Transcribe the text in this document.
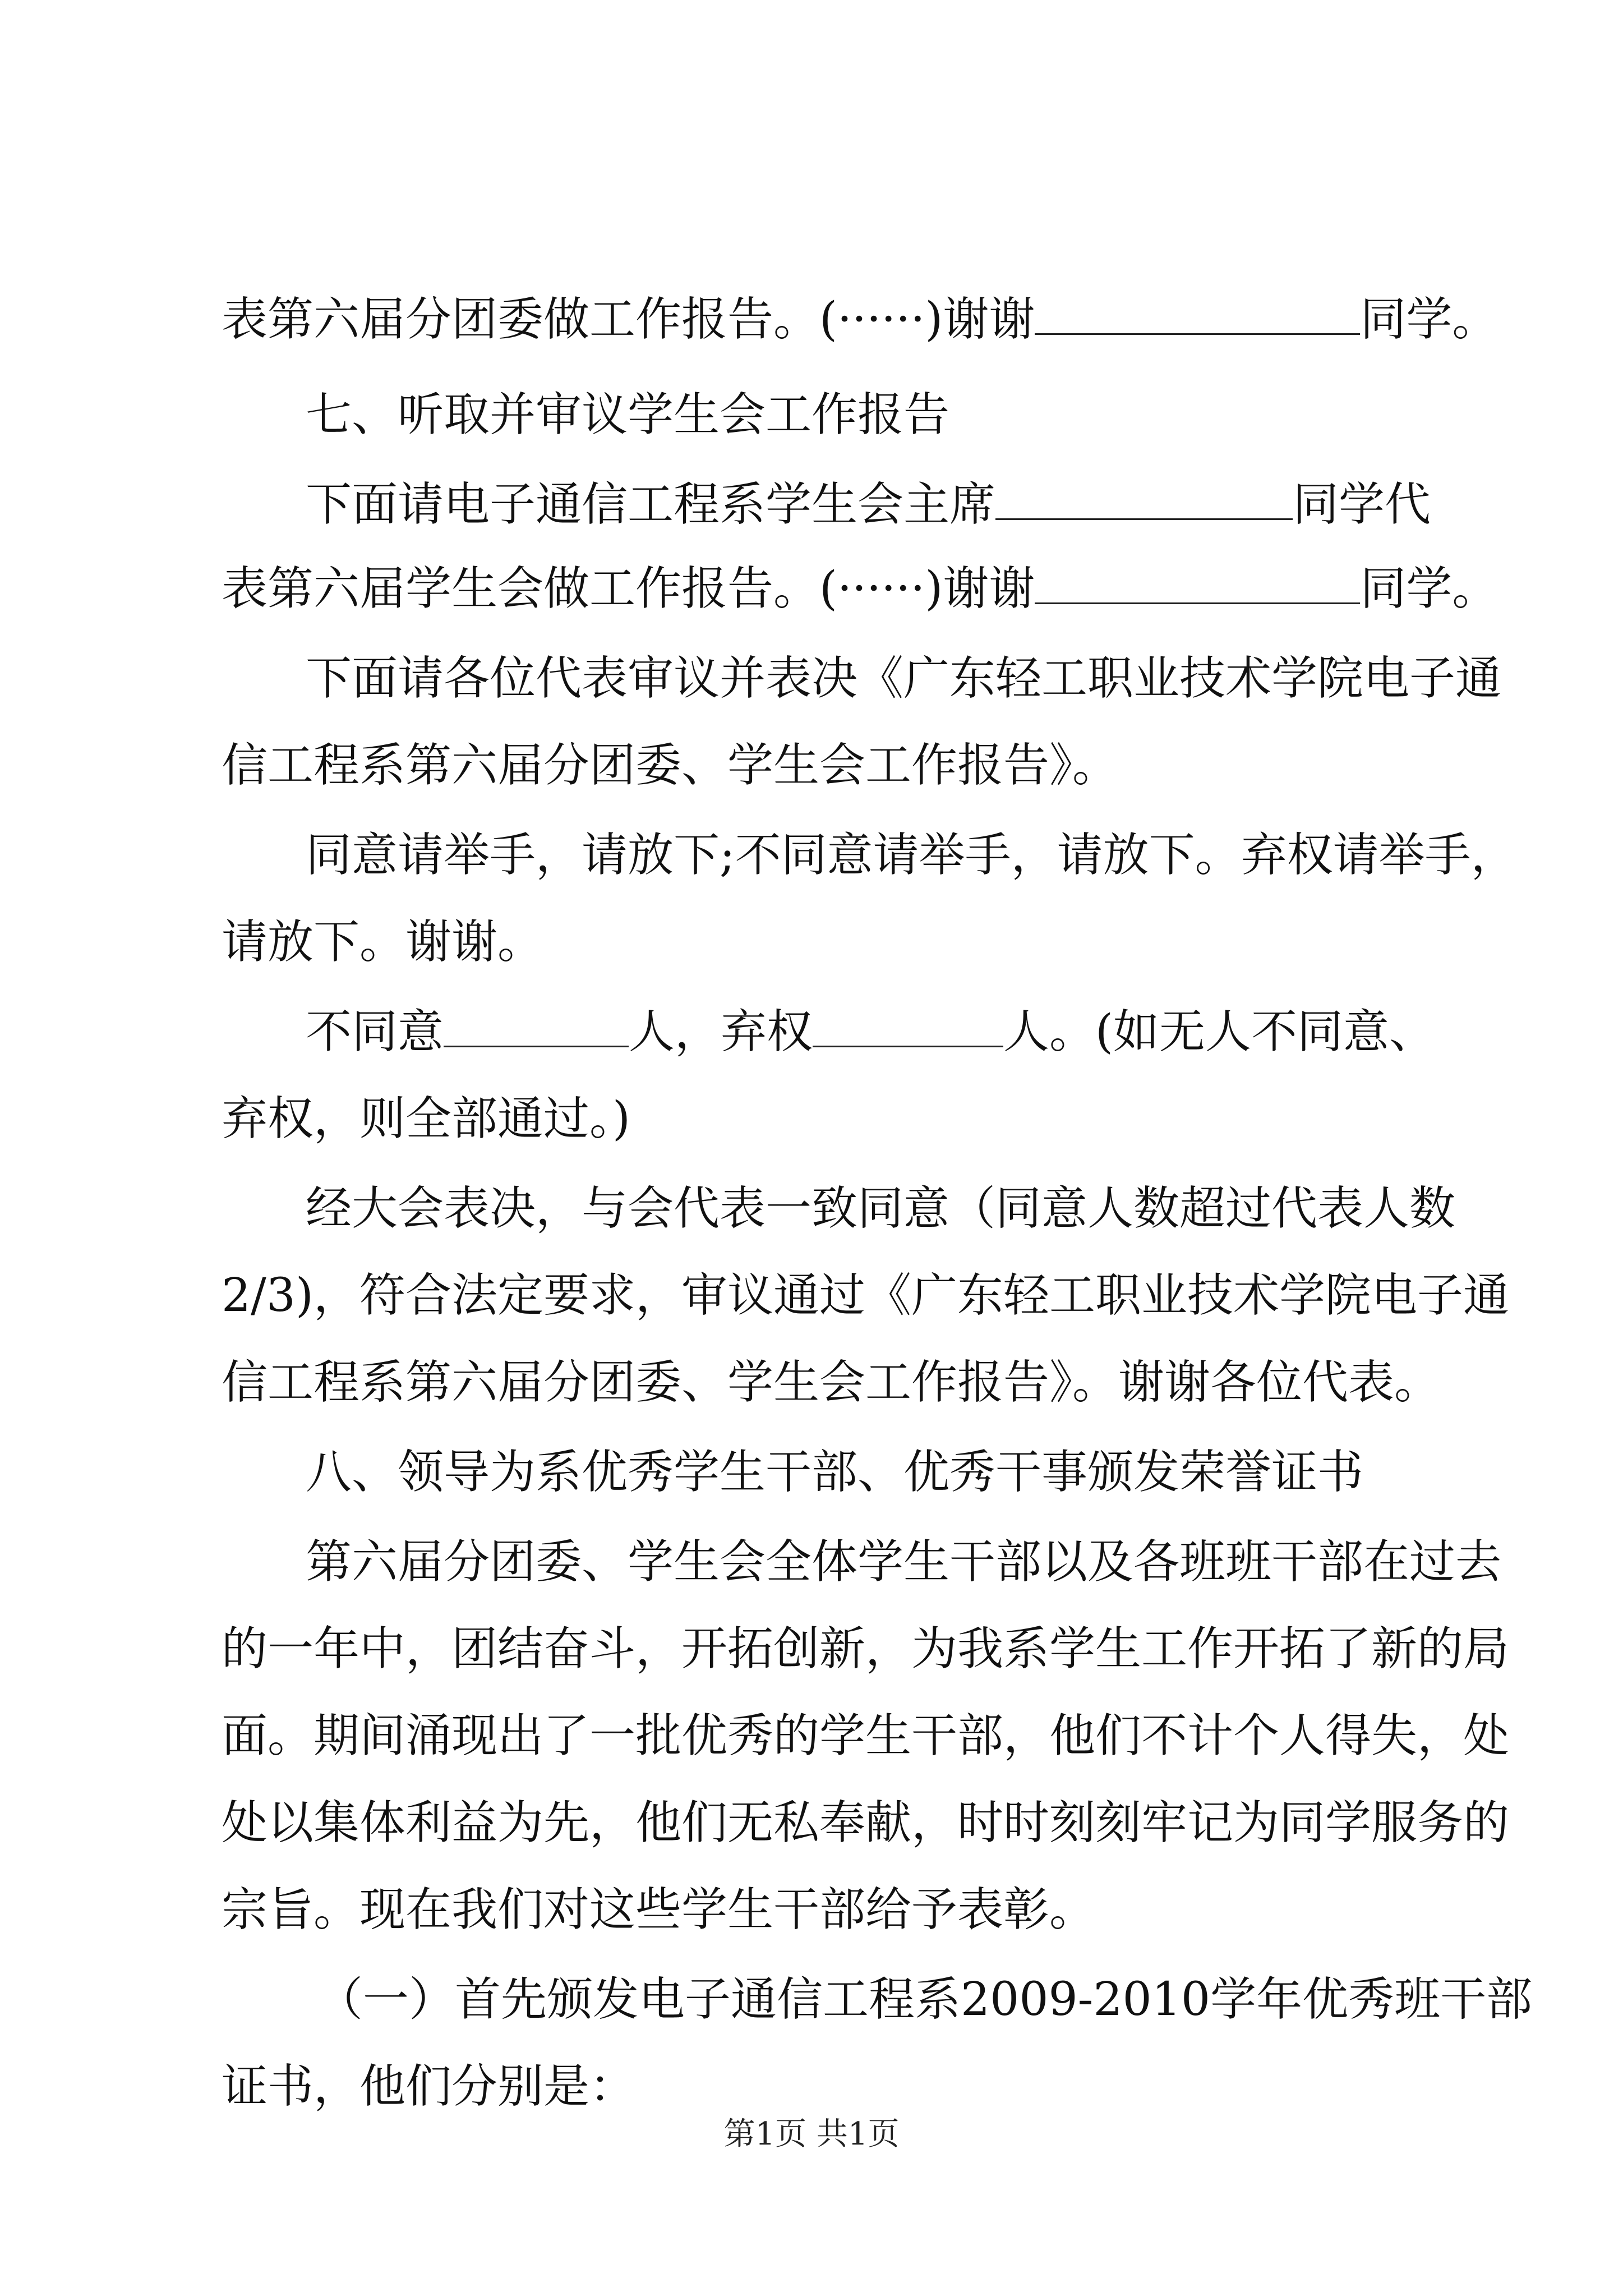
表第六届分团委做工作报告。(······)谢谢	同学。
七、听取并审议学生会工作报告
下面请电子通信工程系学生会主席	同学代
表第六届学生会做工作报告。(······)谢谢	同学。
下面请各位代表审议并表决《广东轻工职业技术学院电子通
信工程系第六届分团委、学生会工作报告》。
同意请举手，请放下;不同意请举手，请放下。弃权请举手，
请放下。谢谢。
不同意	人，弃权	人。(如无人不同意、
弃权，则全部通过。)
经大会表决，与会代表一致同意（同意人数超过代表人数
2/3)，符合法定要求，审议通过《广东轻工职业技术学院电子通
信工程系第六届分团委、学生会工作报告》。谢谢各位代表。
八、领导为系优秀学生干部、优秀干事颁发荣誉证书
第六届分团委、学生会全体学生干部以及各班班干部在过去
的一年中，团结奋斗，开拓创新，为我系学生工作开拓了新的局
面。期间涌现出了一批优秀的学生干部，他们不计个人得失，处
处以集体利益为先，他们无私奉献，时时刻刻牢记为同学服务的
宗旨。现在我们对这些学生干部给予表彰。
（一）首先颁发电子通信工程系2009-2010学年优秀班干部
证书，他们分别是：
第1页 共1页
